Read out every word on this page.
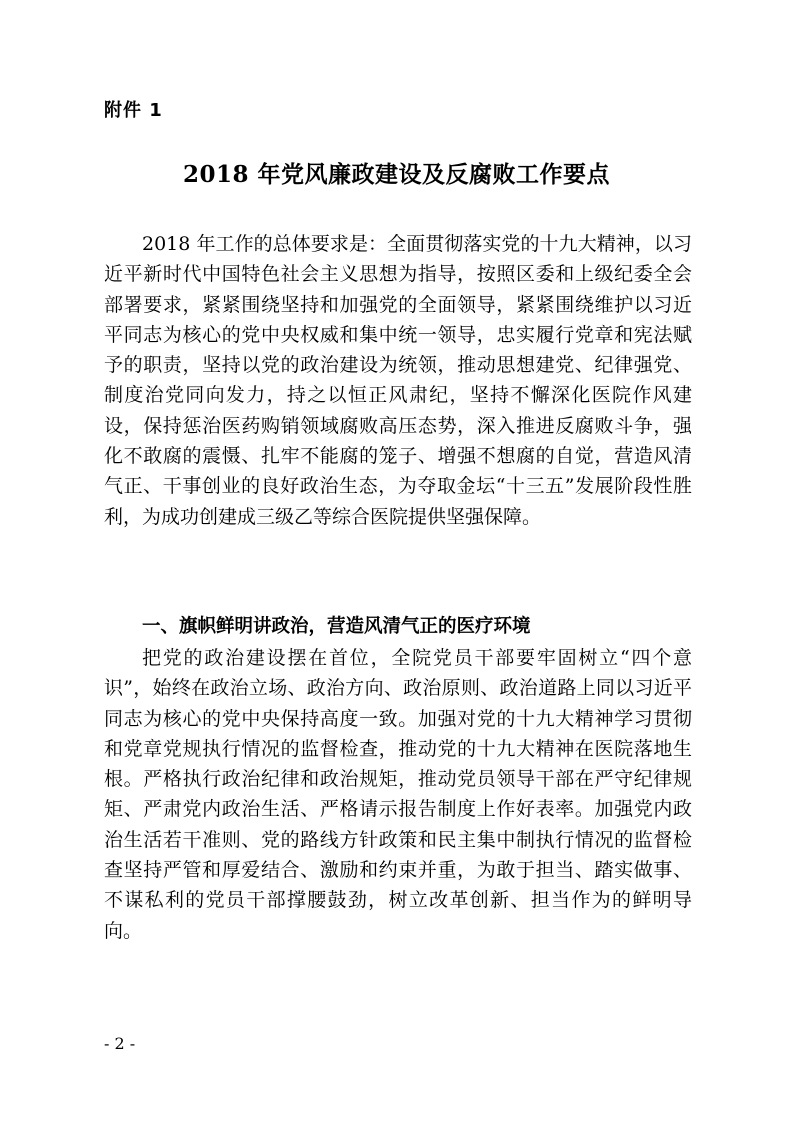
附件 1
2018 年党风廉政建设及反腐败工作要点

2018 年工作的总体要求是：全面贯彻落实党的十九大精神，以习近平新时代中国特色社会主义思想为指导，按照区委和上级纪委全会部署要求，紧紧围绕坚持和加强党的全面领导，紧紧围绕维护以习近平同志为核心的党中央权威和集中统一领导，忠实履行党章和宪法赋予的职责，坚持以党的政治建设为统领，推动思想建党、纪律强党、制度治党同向发力，持之以恒正风肃纪，坚持不懈深化医院作风建设，保持惩治医药购销领域腐败高压态势，深入推进反腐败斗争，强化不敢腐的震慑、扎牢不能腐的笼子、增强不想腐的自觉，营造风清气正、干事创业的良好政治生态，为夺取金坛“十三五”发展阶段性胜利，为成功创建成三级乙等综合医院提供坚强保障。

一、旗帜鲜明讲政治，营造风清气正的医疗环境

把党的政治建设摆在首位，全院党员干部要牢固树立“四个意识”，始终在政治立场、政治方向、政治原则、政治道路上同以习近平同志为核心的党中央保持高度一致。加强对党的十九大精神学习贯彻和党章党规执行情况的监督检查，推动党的十九大精神在医院落地生根。严格执行政治纪律和政治规矩，推动党员领导干部在严守纪律规矩、严肃党内政治生活、严格请示报告制度上作好表率。加强党内政治生活若干准则、党的路线方针政策和民主集中制执行情况的监督检查坚持严管和厚爱结合、激励和约束并重，为敢于担当、踏实做事、不谋私利的党员干部撑腰鼓劲，树立改革创新、担当作为的鲜明导向。

- 2 -
